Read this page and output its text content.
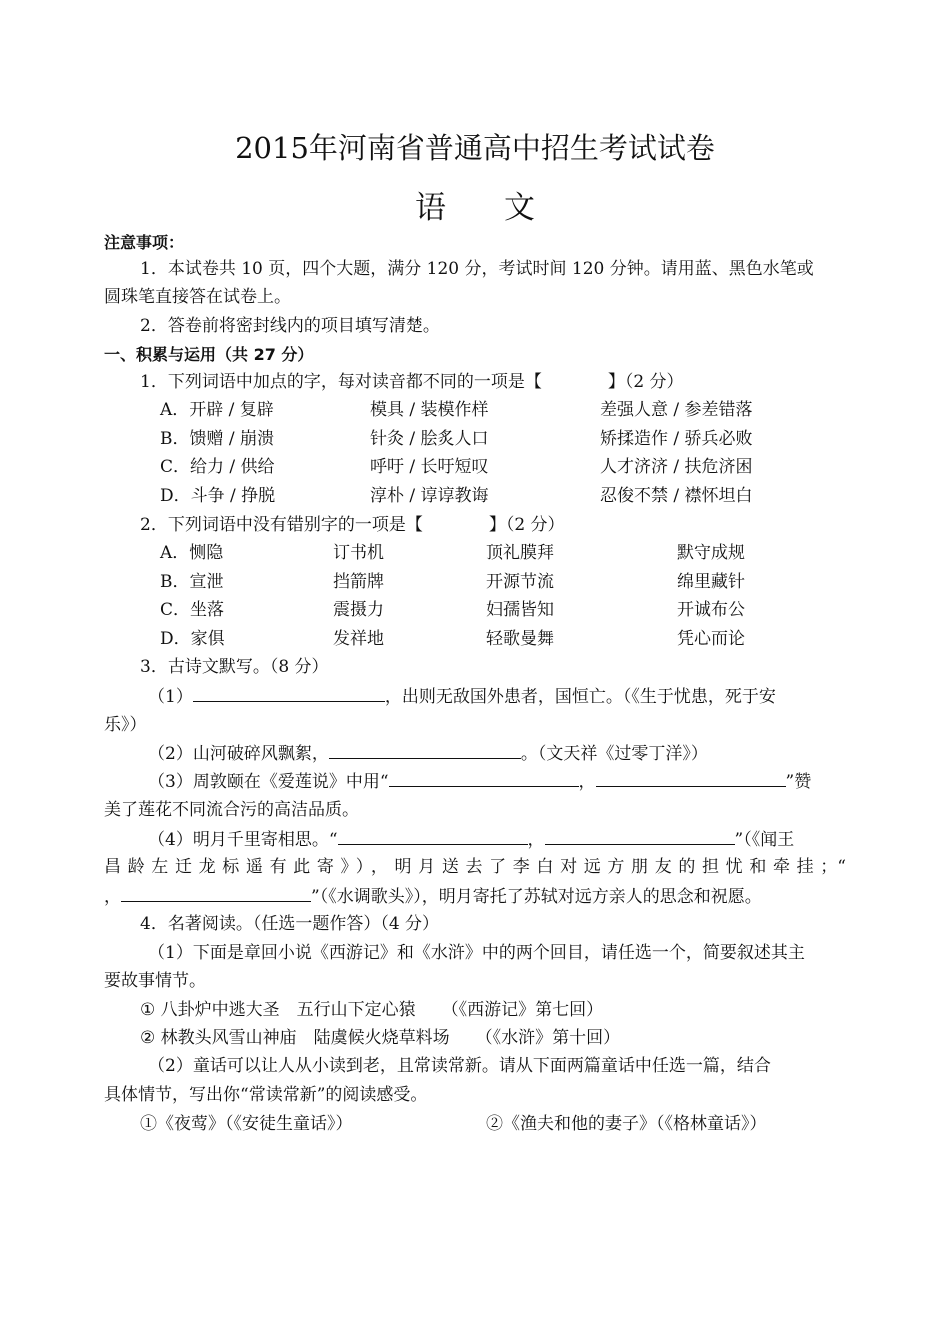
2015年河南省普通高中招生考试试卷
语文
注意事项：
1．本试卷共 10 页，四个大题，满分 120 分，考试时间 120 分钟。请用蓝、黑色水笔或
圆珠笔直接答在试卷上。
2．答卷前将密封线内的项目填写清楚。
一、积累与运用（共 27 分）
1．下列词语中加点的字，每对读音都不同的一项是【	】（2 分）
A．开辟 / 复辟	模具 / 装模作样	差强人意 / 参差错落
B．馈赠 / 崩溃	针灸 / 脍炙人口	矫揉造作 / 骄兵必败
C．给力 / 供给	呼吁 / 长吁短叹	人才济济 / 扶危济困
D．斗争 / 挣脱	淳朴 / 谆谆教诲	忍俊不禁 / 襟怀坦白
2．下列词语中没有错别字的一项是【	】（2 分）
A．恻隐	订书机	顶礼膜拜	默守成规
B．宣泄	挡箭牌	开源节流	绵里藏针
C．坐落	震摄力	妇孺皆知	开诚布公
D．家俱	发祥地	轻歌曼舞	凭心而论
3．古诗文默写。（8 分）
（1）	，出则无敌国外患者，国恒亡。（《生于忧患，死于安
乐》）
（2）山河破碎风飘絮，	。（文天祥《过零丁洋》）
（3）周敦颐在《爱莲说》中用“	，	”赞
美了莲花不同流合污的高洁品质。
（4）明月千里寄相思。“	，	”（《闻王
昌龄左迁龙标遥有此寄》），明月送去了李白对远方朋友的担忧和牵挂；“
，	”（《水调歌头》），明月寄托了苏轼对远方亲人的思念和祝愿。
4．名著阅读。（任选一题作答）（4 分）
（1）下面是章回小说《西游记》和《水浒》中的两个回目，请任选一个，简要叙述其主
要故事情节。
① 八卦炉中逃大圣　五行山下定心猿 （《西游记》第七回）
② 林教头风雪山神庙　陆虞候火烧草料场 （《水浒》第十回）
（2）童话可以让人从小读到老，且常读常新。请从下面两篇童话中任选一篇，结合
具体情节，写出你“常读常新”的阅读感受。
①《夜莺》（《安徒生童话》）	②《渔夫和他的妻子》（《格林童话》）
